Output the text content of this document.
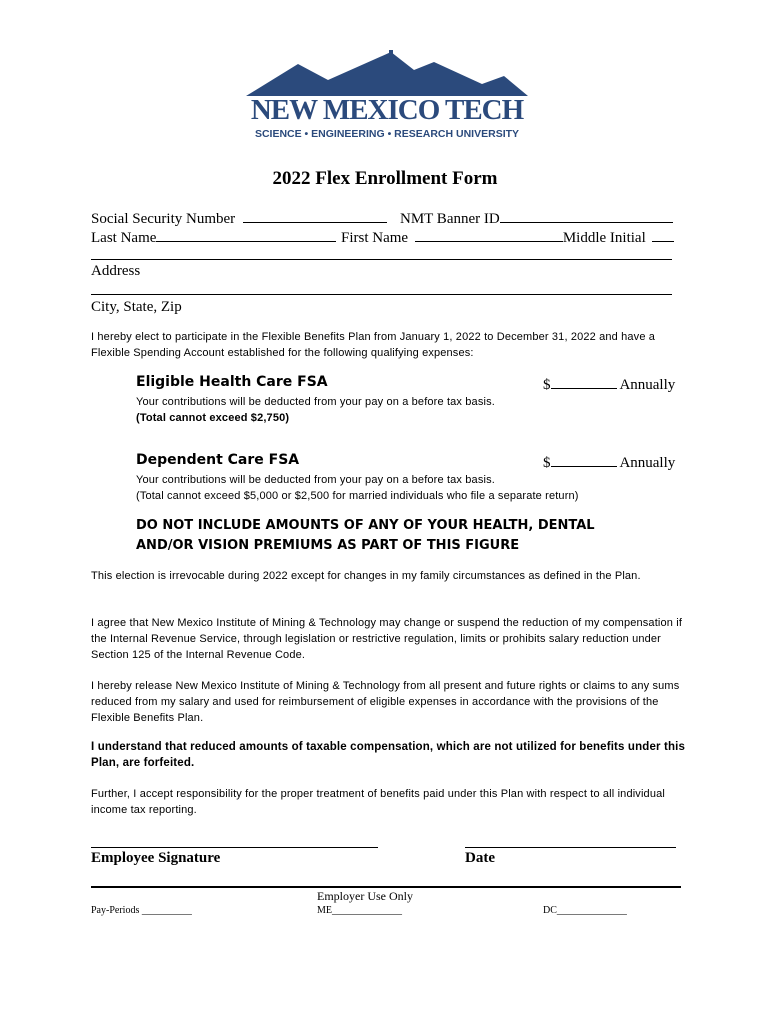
NEW MEXICO TECH
SCIENCE • ENGINEERING • RESEARCH UNIVERSITY
2022 Flex Enrollment Form
Social Security Number	NMT Banner ID
Last Name	First Name	Middle Initial
Address
City, State, Zip
I hereby elect to participate in the Flexible Benefits Plan from January 1, 2022 to December 31, 2022 and have a Flexible Spending Account established for the following qualifying expenses:
Eligible Health Care FSA	$	Annually
Your contributions will be deducted from your pay on a before tax basis.
(Total cannot exceed $2,750)
Dependent Care FSA	$	Annually
Your contributions will be deducted from your pay on a before tax basis.
(Total cannot exceed $5,000 or $2,500 for married individuals who file a separate return)
DO NOT INCLUDE AMOUNTS OF ANY OF YOUR HEALTH, DENTAL AND/OR VISION PREMIUMS AS PART OF THIS FIGURE
This election is irrevocable during 2022 except for changes in my family circumstances as defined in the Plan.
I agree that New Mexico Institute of Mining & Technology may change or suspend the reduction of my compensation if the Internal Revenue Service, through legislation or restrictive regulation, limits or prohibits salary reduction under Section 125 of the Internal Revenue Code.
I hereby release New Mexico Institute of Mining & Technology from all present and future rights or claims to any sums reduced from my salary and used for reimbursement of eligible expenses in accordance with the provisions of the Flexible Benefits Plan.
I understand that reduced amounts of taxable compensation, which are not utilized for benefits under this Plan, are forfeited.
Further, I accept responsibility for the proper treatment of benefits paid under this Plan with respect to all individual income tax reporting.
Employee Signature	Date
Employer Use Only
Pay-Periods __________	ME______________	DC______________
